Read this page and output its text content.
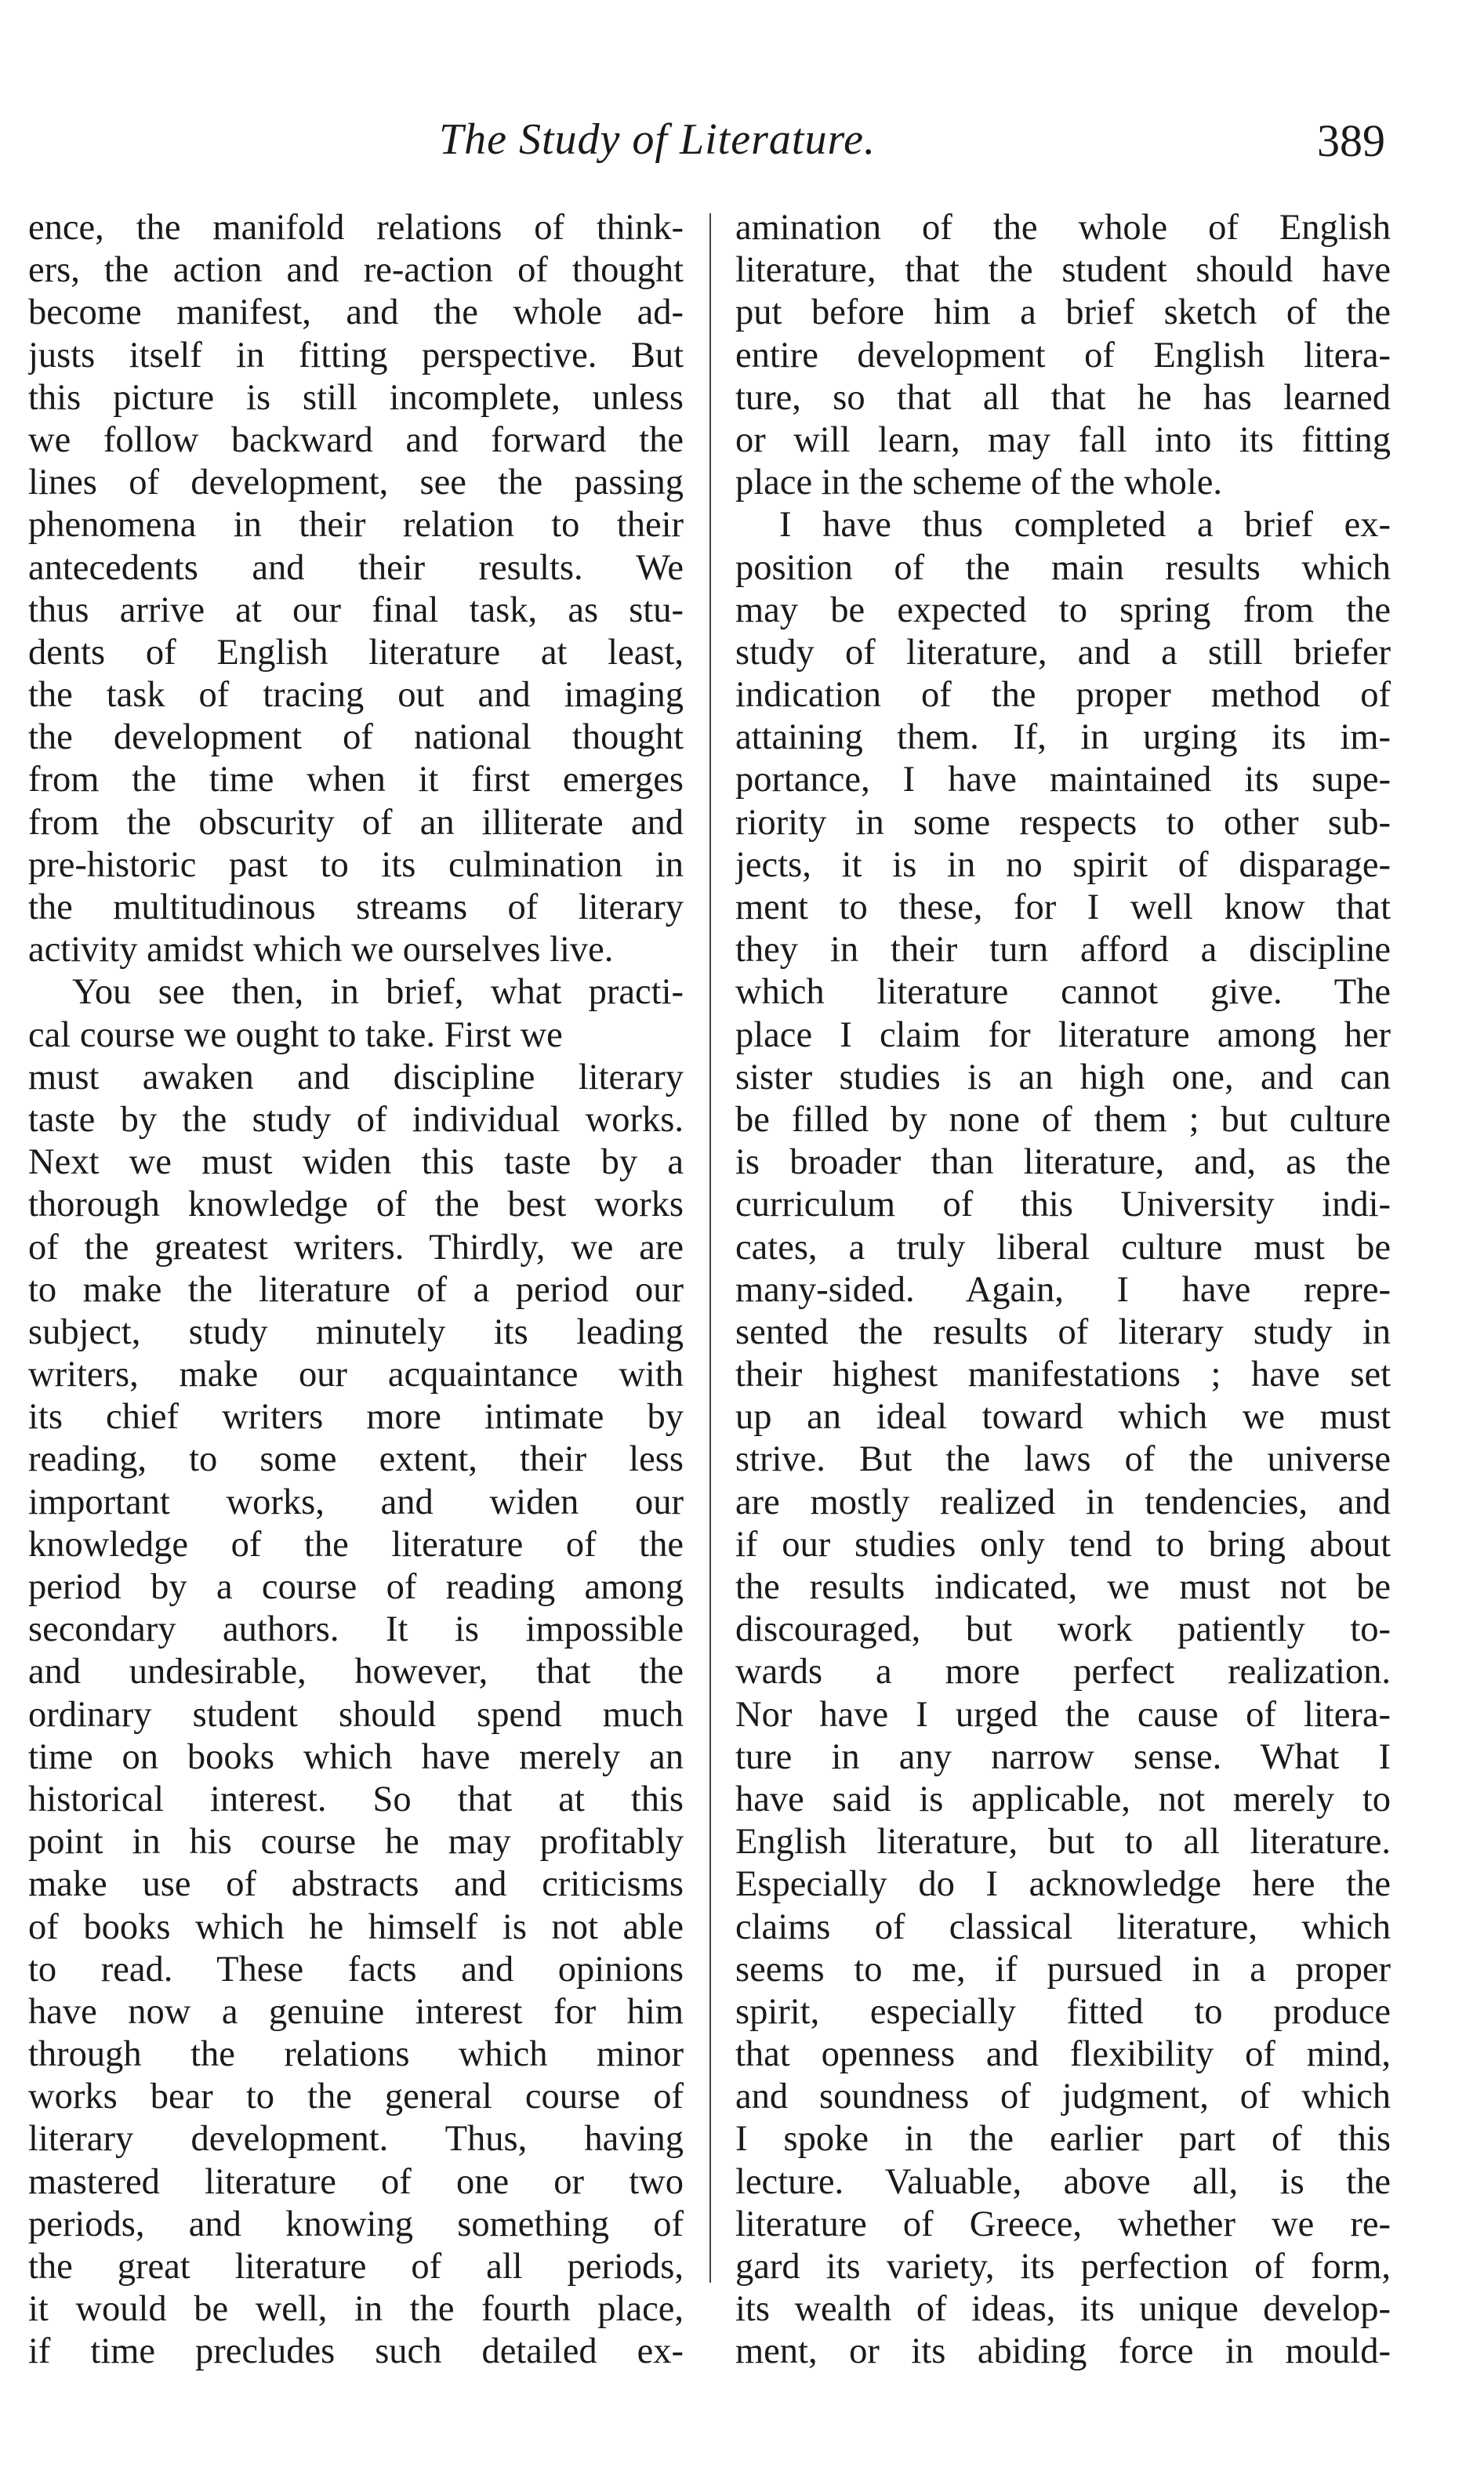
The Study of Literature.	389
ence, the manifold relations of think-
ers, the action and re-action of thought
become manifest, and the whole ad-
justs itself in fitting perspective. But
this picture is still incomplete, unless
we follow backward and forward the
lines of development, see the passing
phenomena in their relation to their
antecedents and their results. We
thus arrive at our final task, as stu-
dents of English literature at least,
the task of tracing out and imaging
the development of national thought
from the time when it first emerges
from the obscurity of an illiterate and
pre-historic past to its culmination in
the multitudinous streams of literary
activity amidst which we ourselves live.
You see then, in brief, what practi-
cal course we ought to take. First we
must awaken and discipline literary
taste by the study of individual works.
Next we must widen this taste by a
thorough knowledge of the best works
of the greatest writers. Thirdly, we are
to make the literature of a period our
subject, study minutely its leading
writers, make our acquaintance with
its chief writers more intimate by
reading, to some extent, their less
important works, and widen our
knowledge of the literature of the
period by a course of reading among
secondary authors. It is impossible
and undesirable, however, that the
ordinary student should spend much
time on books which have merely an
historical interest. So that at this
point in his course he may profitably
make use of abstracts and criticisms
of books which he himself is not able
to read. These facts and opinions
have now a genuine interest for him
through the relations which minor
works bear to the general course of
literary development. Thus, having
mastered literature of one or two
periods, and knowing something of
the great literature of all periods,
it would be well, in the fourth place,
if time precludes such detailed ex-
amination of the whole of English
literature, that the student should have
put before him a brief sketch of the
entire development of English litera-
ture, so that all that he has learned
or will learn, may fall into its fitting
place in the scheme of the whole.
I have thus completed a brief ex-
position of the main results which
may be expected to spring from the
study of literature, and a still briefer
indication of the proper method of
attaining them. If, in urging its im-
portance, I have maintained its supe-
riority in some respects to other sub-
jects, it is in no spirit of disparage-
ment to these, for I well know that
they in their turn afford a discipline
which literature cannot give. The
place I claim for literature among her
sister studies is an high one, and can
be filled by none of them ; but culture
is broader than literature, and, as the
curriculum of this University indi-
cates, a truly liberal culture must be
many-sided. Again, I have repre-
sented the results of literary study in
their highest manifestations ; have set
up an ideal toward which we must
strive. But the laws of the universe
are mostly realized in tendencies, and
if our studies only tend to bring about
the results indicated, we must not be
discouraged, but work patiently to-
wards a more perfect realization.
Nor have I urged the cause of litera-
ture in any narrow sense. What I
have said is applicable, not merely to
English literature, but to all literature.
Especially do I acknowledge here the
claims of classical literature, which
seems to me, if pursued in a proper
spirit, especially fitted to produce
that openness and flexibility of mind,
and soundness of judgment, of which
I spoke in the earlier part of this
lecture. Valuable, above all, is the
literature of Greece, whether we re-
gard its variety, its perfection of form,
its wealth of ideas, its unique develop-
ment, or its abiding force in mould-
